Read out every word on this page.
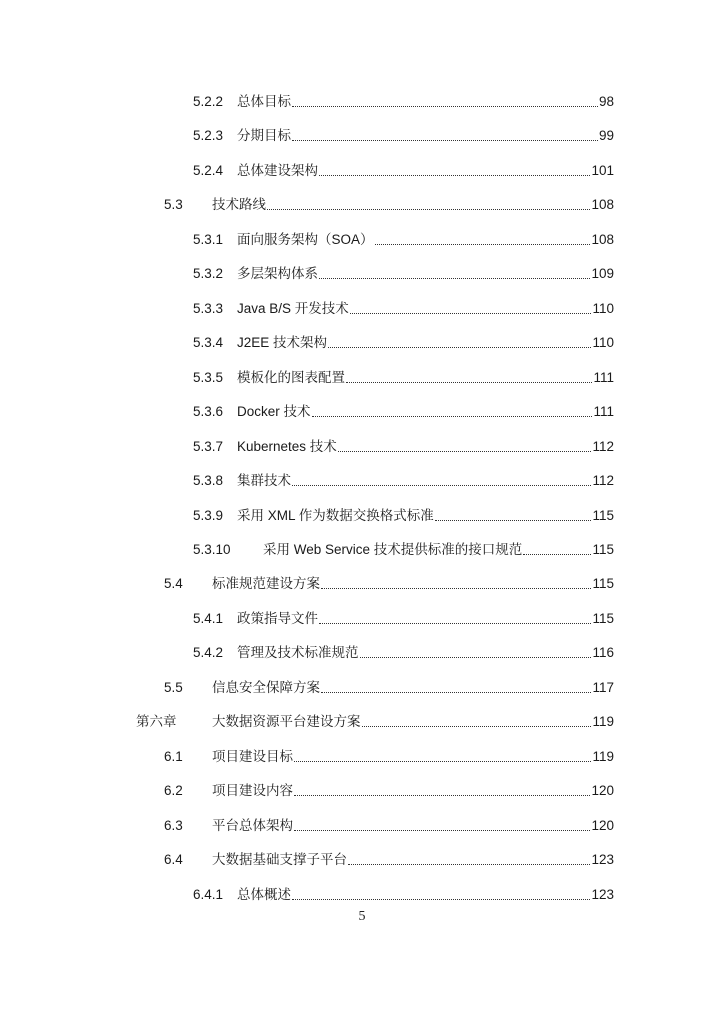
5.2.2	总体目标	98
5.2.3	分期目标	99
5.2.4	总体建设架构	101
5.3	技术路线	108
5.3.1	面向服务架构（SOA）	108
5.3.2	多层架构体系	109
5.3.3	Java B/S 开发技术	110
5.3.4	J2EE 技术架构	110
5.3.5	模板化的图表配置	111
5.3.6	Docker 技术	111
5.3.7	Kubernetes 技术	112
5.3.8	集群技术	112
5.3.9	采用 XML 作为数据交换格式标准	115
5.3.10	采用 Web Service 技术提供标准的接口规范	115
5.4	标准规范建设方案	115
5.4.1	政策指导文件	115
5.4.2	管理及技术标准规范	116
5.5	信息安全保障方案	117
第六章	大数据资源平台建设方案	119
6.1	项目建设目标	119
6.2	项目建设内容	120
6.3	平台总体架构	120
6.4	大数据基础支撑子平台	123
6.4.1	总体概述	123
5
